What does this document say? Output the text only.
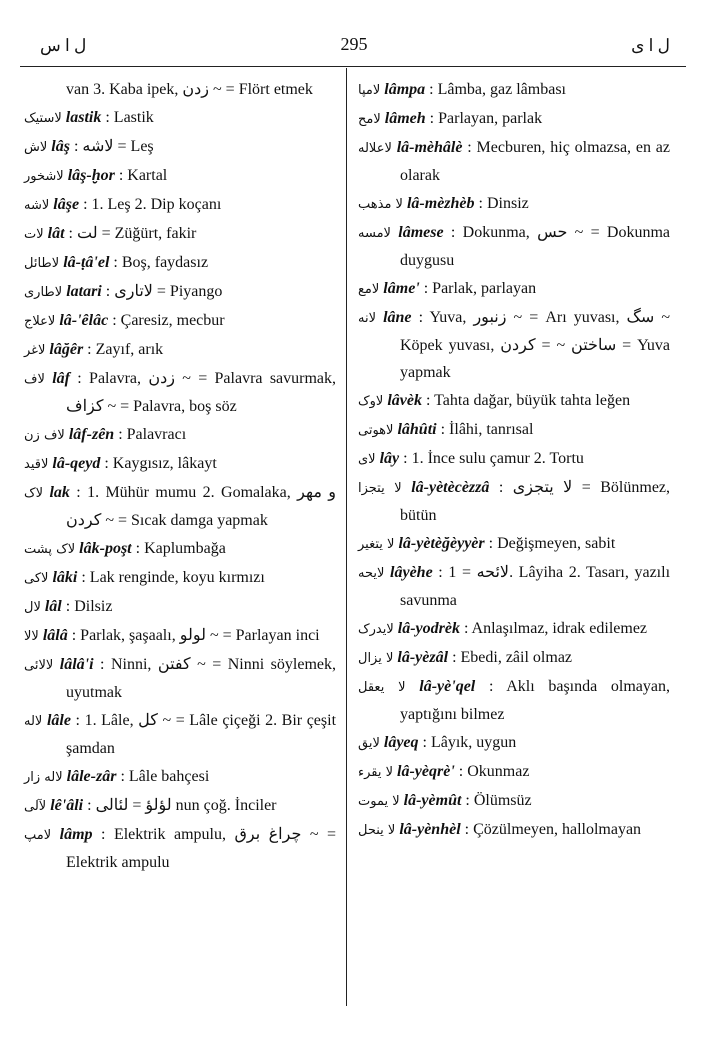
ل ا س	295	ل ا ی
van 3. Kaba ipek, زدن ~ = Flört etmek
لاستیک lastik : Lastik
لاش lâş : لاشه = Leş
لاشخور lâş-ḫor : Kartal
لاشه lâşe : 1. Leş 2. Dip koçanı
لات lât : لت = Züğürt, fakir
لاطائل lâ-ṭâ'el : Boş, faydasız
لاطاری latari : لاتاری = Piyango
لاعلاج lâ-'êlâc : Çaresiz, mecbur
لاغر lâğêr : Zayıf, arık
لاف lâf : Palavra, زدن ~ = Palavra savurmak, کزاف ~ = Palavra, boş söz
لاف زن lâf-zên : Palavracı
لاقید lâ-qeyd : Kaygısız, lâkayt
لاک lak : 1. Mühür mumu 2. Gomalaka, و مهر کردن ~ = Sıcak damga yapmak
لاک پشت lâk-poşt : Kaplumbağa
لاکی lâki : Lak renginde, koyu kırmızı
لال lâl : Dilsiz
لالا lâlâ : Parlak, şaşaalı, لولو ~ = Parlayan inci
لالائی lâlâ'i : Ninni, کفتن ~ = Ninni söylemek, uyutmak
لاله lâle : 1. Lâle, کل ~ = Lâle çiçeği 2. Bir çeşit şamdan
لاله زار lâle-zâr : Lâle bahçesi
لآلی lê'âli : لؤلؤ = لئالی nun çoğ. İnciler
لامپ lâmp : Elektrik ampulu, چراغ برق ~ = Elektrik ampulu
لامپا lâmpa : Lâmba, gaz lâmbası
لامح lâmeh : Parlayan, parlak
لاعلاله lâ-mèhâlè : Mecburen, hiç olmazsa, en az olarak
لا مذهب lâ-mèzhèb : Dinsiz
لامسه lâmese : Dokunma, حس ~ = Dokunma duygusu
لامع lâme' : Parlak, parlayan
لانه lâne : Yuva, زنبور ~ = Arı yuvası, سگ ~ Köpek yuvası, ساختن ~ = کردن = Yuva yapmak
لاوک lâvèk : Tahta dağar, büyük tahta leğen
لاهوتی lâhûti : İlâhi, tanrısal
لای lây : 1. İnce sulu çamur 2. Tortu
لا یتجزا lâ-yètècèzzâ : لا یتجزی = Bölünmez, bütün
لا یتغیر lâ-yètèğèyyèr : Değişmeyen, sabit
لایحه lâyèhe : لائحه = 1. Lâyiha 2. Tasarı, yazılı savunma
لایدرک lâ-yodrèk : Anlaşılmaz, idrak edilemez
لا یزال lâ-yèzâl : Ebedi, zâil olmaz
لا یعقل lâ-yè'qel : Aklı başında olmayan, yaptığını bilmez
لایق lâyeq : Lâyık, uygun
لا یقرء lâ-yèqrè' : Okunmaz
لا یموت lâ-yèmût : Ölümsüz
لا ینحل lâ-yènhèl : Çözülmeyen, hallolmayan
